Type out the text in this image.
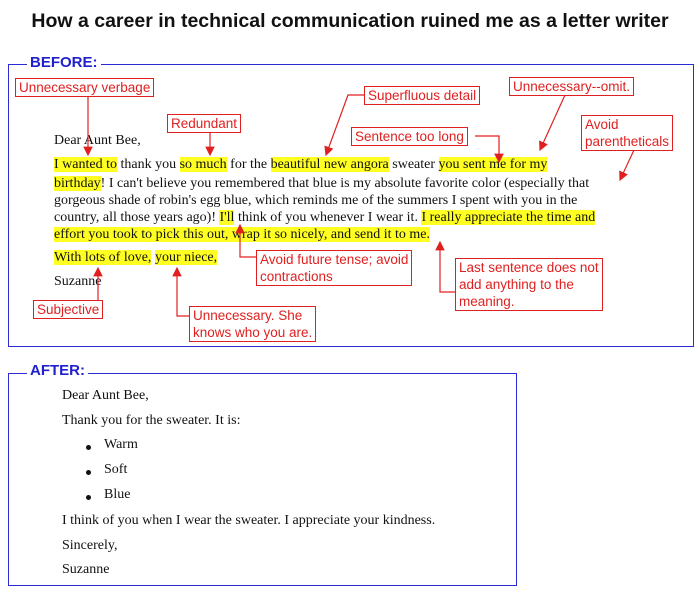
How a career in technical communication ruined me as a letter writer
BEFORE:
Dear Aunt Bee,
I wanted to thank you so much for the beautiful new angora sweater you sent me for my
birthday! I can't believe you remembered that blue is my absolute favorite color (especially that
gorgeous shade of robin's egg blue, which reminds me of the summers I spent with you in the
country, all those years ago)! I'll think of you whenever I wear it. I really appreciate the time and
effort you took to pick this out, wrap it so nicely, and send it to me.
With lots of love, your niece,
Suzanne
Unnecessary verbage
Redundant
Superfluous detail
Unnecessary--omit.
Sentence too long
Avoid
parentheticals
Avoid future tense; avoid
contractions
Last sentence does not
add anything to the
meaning.
Subjective	Unnecessary. She
knows who you are.
AFTER:
Dear Aunt Bee,
Thank you for the sweater. It is:
Warm
Soft
Blue
I think of you when I wear the sweater. I appreciate your kindness.
Sincerely,
Suzanne
